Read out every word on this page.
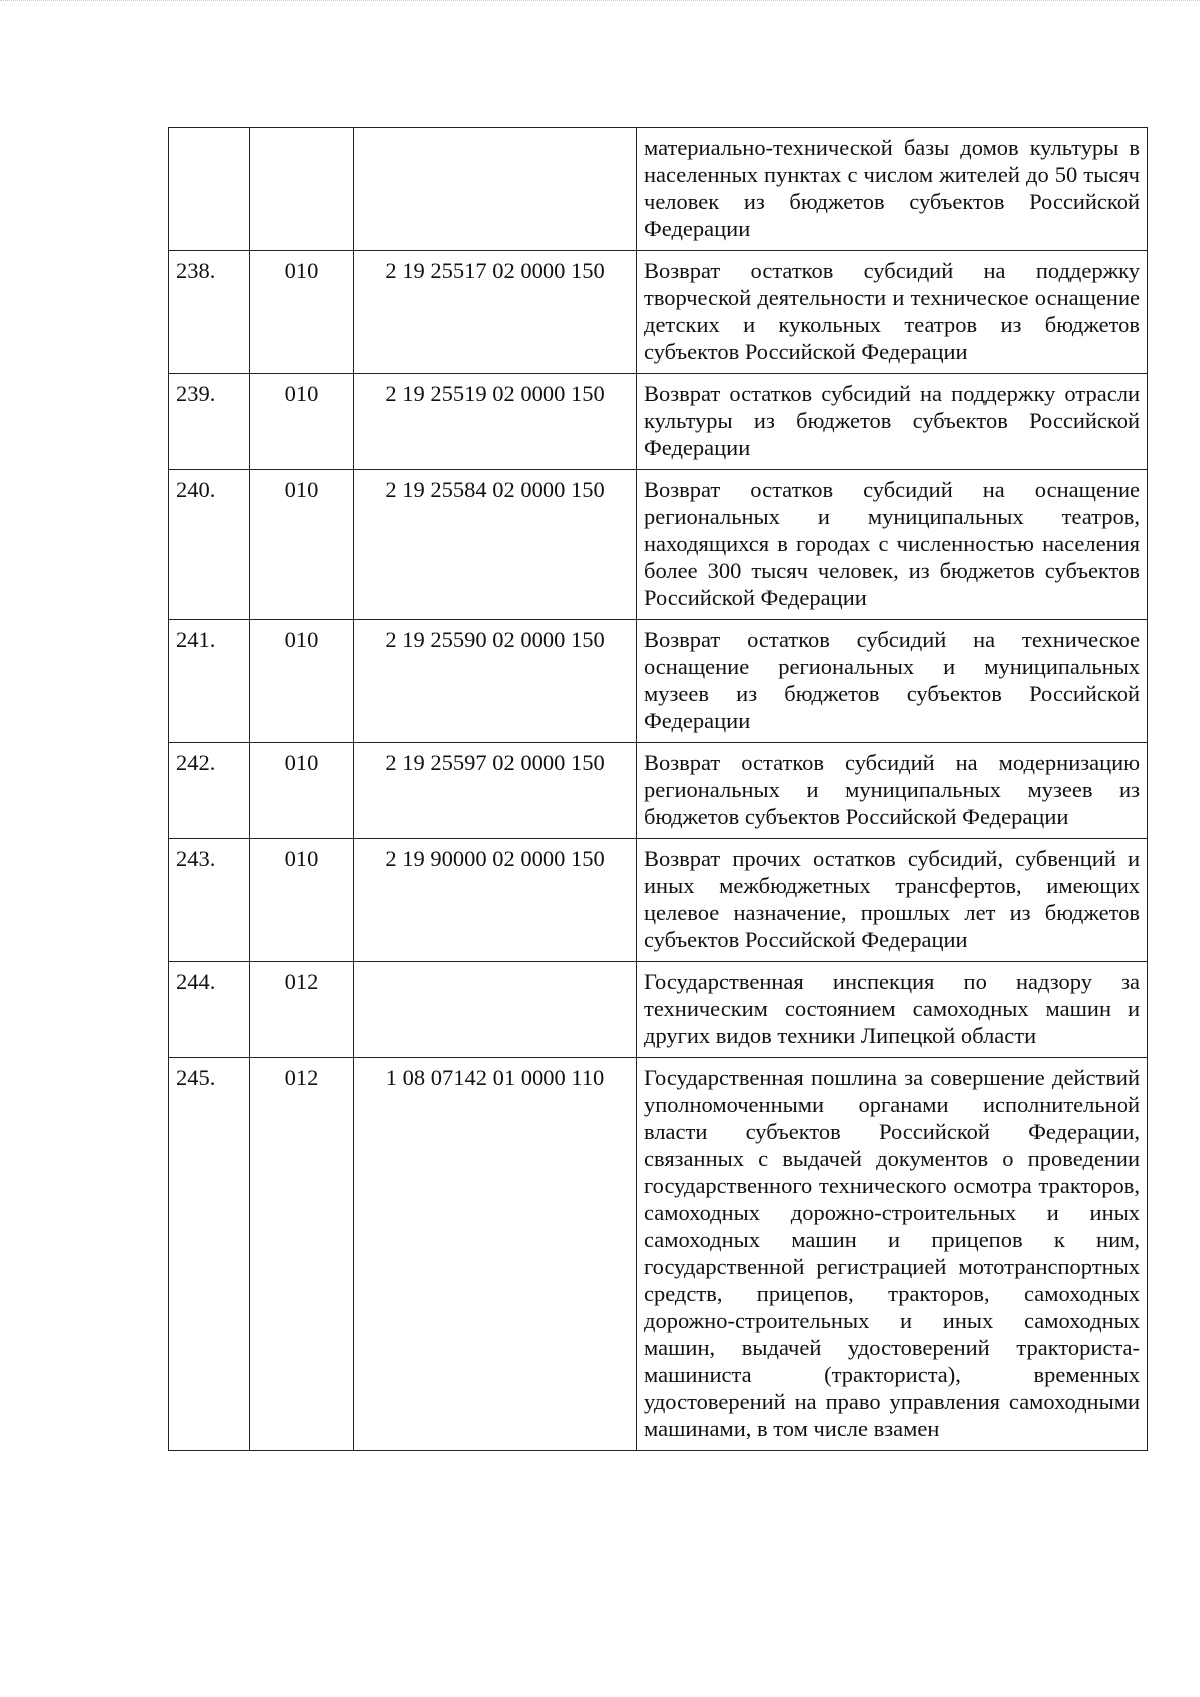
			материально-технической базы домов культуры в населенных пунктах с числом жителей до 50 тысяч человек из бюджетов субъектов Российской Федерации
238.	010	2 19 25517 02 0000 150	Возврат остатков субсидий на поддержку творческой деятельности и техническое оснащение детских и кукольных театров из бюджетов субъектов Российской Федерации
239.	010	2 19 25519 02 0000 150	Возврат остатков субсидий на поддержку отрасли культуры из бюджетов субъектов Российской Федерации
240.	010	2 19 25584 02 0000 150	Возврат остатков субсидий на оснащение региональных и муниципальных театров, находящихся в городах с численностью населения более 300 тысяч человек, из бюджетов субъектов Российской Федерации
241.	010	2 19 25590 02 0000 150	Возврат остатков субсидий на техническое оснащение региональных и муниципальных музеев из бюджетов субъектов Российской Федерации
242.	010	2 19 25597 02 0000 150	Возврат остатков субсидий на модернизацию региональных и муниципальных музеев из бюджетов субъектов Российской Федерации
243.	010	2 19 90000 02 0000 150	Возврат прочих остатков субсидий, субвенций и иных межбюджетных трансфертов, имеющих целевое назначение, прошлых лет из бюджетов субъектов Российской Федерации
244.	012		Государственная инспекция по надзору за техническим состоянием самоходных машин и других видов техники Липецкой области
245.	012	1 08 07142 01 0000 110	Государственная пошлина за совершение действий уполномоченными органами исполнительной власти субъектов Российской Федерации, связанных с выдачей документов о проведении государственного технического осмотра тракторов, самоходных дорожно-строительных и иных самоходных машин и прицепов к ним, государственной регистрацией мототранспортных средств, прицепов, тракторов, самоходных дорожно-строительных и иных самоходных машин, выдачей удостоверений тракториста-машиниста (тракториста), временных удостоверений на право управления самоходными машинами, в том числе взамен
